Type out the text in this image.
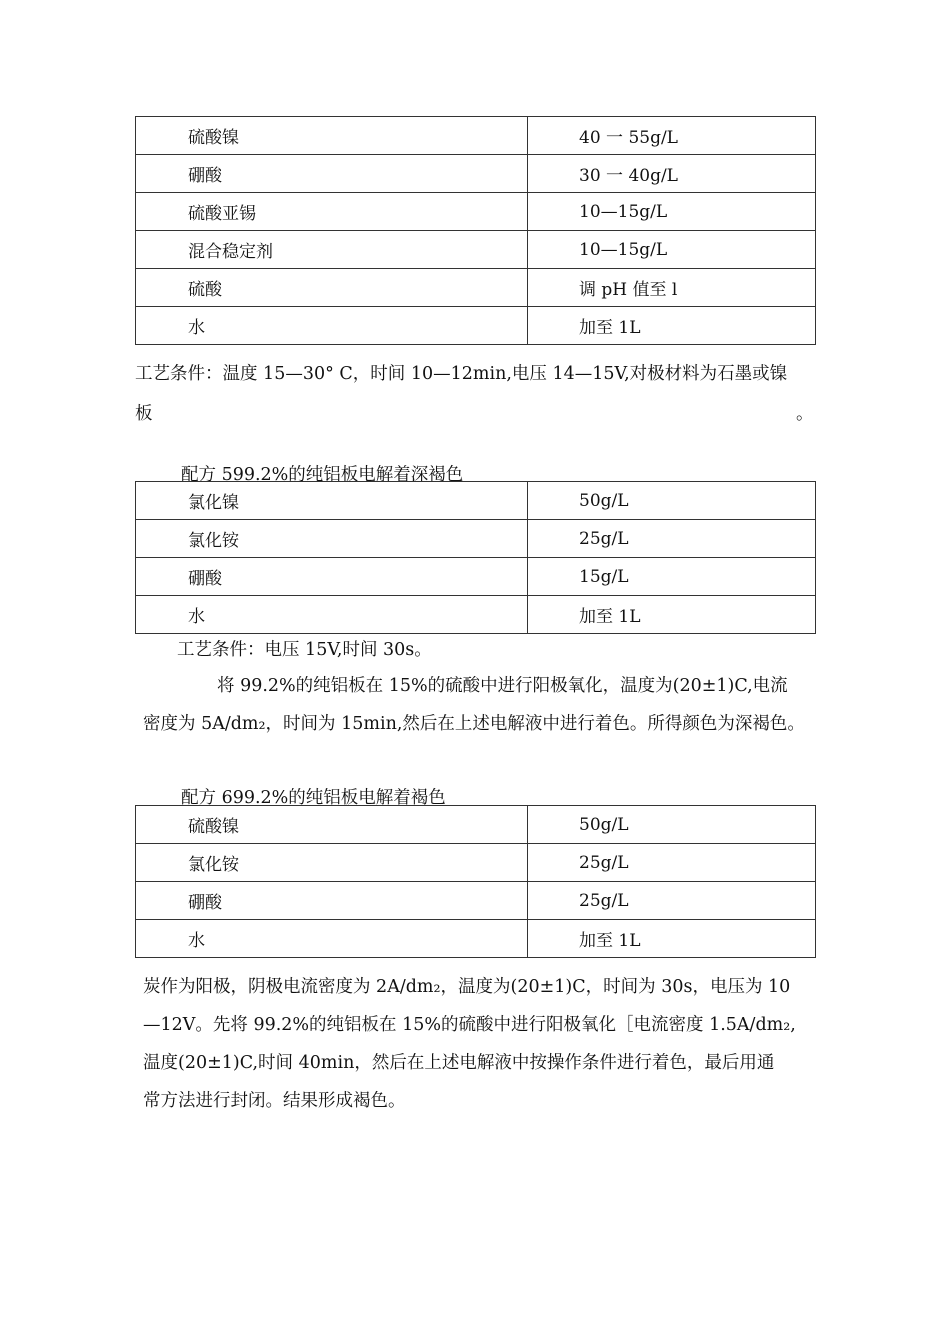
硫酸镍	40 一 55g/L
硼酸	30 一 40g/L
硫酸亚锡	10—15g/L
混合稳定剂	10—15g/L
硫酸	调 pH 值至 l
水	加至 1L
工艺条件：温度 15—30° C，时间 10—12min,电压 14—15V,对极材料为石墨或镍
板	。
配方 599.2%的纯铝板电解着深褐色
氯化镍	50g/L
氯化铵	25g/L
硼酸	15g/L
水	加至 1L
工艺条件：电压 15V,时间 30s。
将 99.2%的纯铝板在 15%的硫酸中进行阳极氧化，温度为(20±1)C,电流
密度为 5A/dm₂，时间为 15min,然后在上述电解液中进行着色。所得颜色为深褐色。
配方 699.2%的纯铝板电解着褐色
硫酸镍	50g/L
氯化铵	25g/L
硼酸	25g/L
水	加至 1L
炭作为阳极，阴极电流密度为 2A/dm₂，温度为(20±1)C，时间为 30s，电压为 10
—12V。先将 99.2%的纯铝板在 15%的硫酸中进行阳极氧化［电流密度 1.5A/dm₂,
温度(20±1)C,时间 40min，然后在上述电解液中按操作条件进行着色，最后用通
常方法进行封闭。结果形成褐色。
